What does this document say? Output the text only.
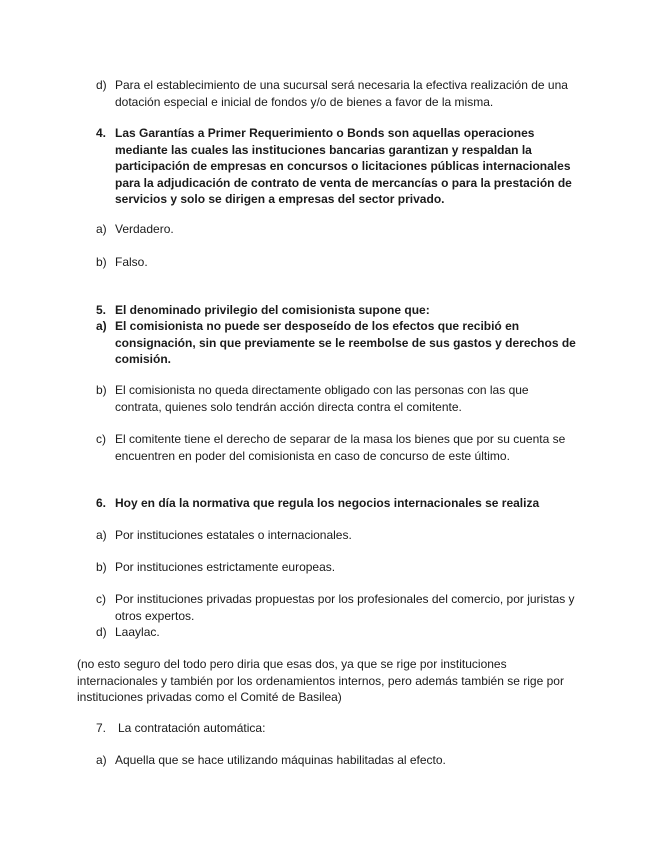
d) Para el establecimiento de una sucursal será necesaria la efectiva realización de una dotación especial e inicial de fondos y/o de bienes a favor de la misma.
4. Las Garantías a Primer Requerimiento o Bonds son aquellas operaciones mediante las cuales las instituciones bancarias garantizan y respaldan la participación de empresas en concursos o licitaciones públicas internacionales para la adjudicación de contrato de venta de mercancías o para la prestación de servicios y solo se dirigen a empresas del sector privado.
a) Verdadero.
b) Falso.
5. El denominado privilegio del comisionista supone que:
a) El comisionista no puede ser desposeído de los efectos que recibió en consignación, sin que previamente se le reembolse de sus gastos y derechos de comisión.
b) El comisionista no queda directamente obligado con las personas con las que contrata, quienes solo tendrán acción directa contra el comitente.
c) El comitente tiene el derecho de separar de la masa los bienes que por su cuenta se encuentren en poder del comisionista en caso de concurso de este último.
6. Hoy en día la normativa que regula los negocios internacionales se realiza
a) Por instituciones estatales o internacionales.
b) Por instituciones estrictamente europeas.
c) Por instituciones privadas propuestas por los profesionales del comercio, por juristas y otros expertos.
d) Laaylac.
(no esto seguro del todo pero diria que esas dos, ya que se rige por instituciones internacionales y también por los ordenamientos internos, pero además también se rige por instituciones privadas como el Comité de Basilea)
7. La contratación automática:
a) Aquella que se hace utilizando máquinas habilitadas al efecto.
